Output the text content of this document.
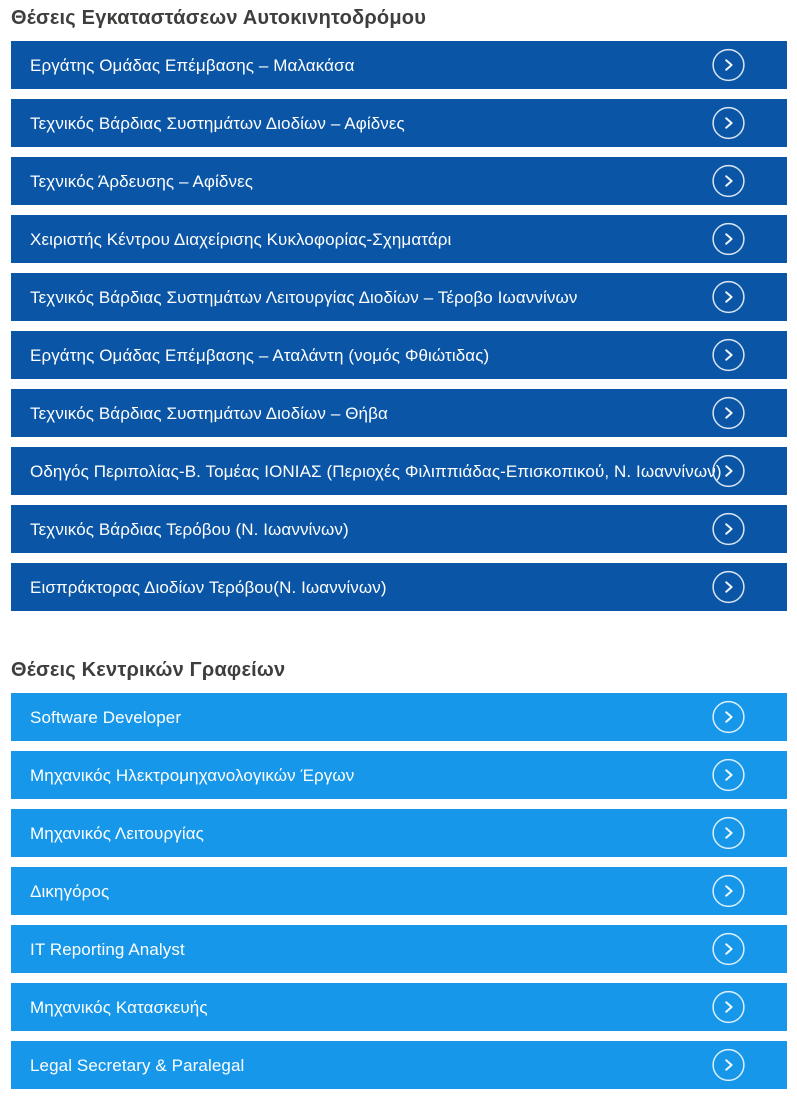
Θέσεις Εγκαταστάσεων Αυτοκινητοδρόμου
Εργάτης Ομάδας Επέμβασης – Μαλακάσα
Τεχνικός Βάρδιας Συστημάτων Διοδίων – Αφίδνες
Τεχνικός Άρδευσης – Αφίδνες
Χειριστής Κέντρου Διαχείρισης Κυκλοφορίας-Σχηματάρι
Τεχνικός Βάρδιας Συστημάτων Λειτουργίας Διοδίων – Τέροβο Ιωαννίνων
Εργάτης Ομάδας Επέμβασης – Αταλάντη (νομός Φθιώτιδας)
Τεχνικός Βάρδιας Συστημάτων Διοδίων – Θήβα
Οδηγός Περιπολίας-Β. Τομέας ΙΟΝΙΑΣ (Περιοχές Φιλιππιάδας-Επισκοπικού, Ν. Ιωαννίνων)
Τεχνικός Βάρδιας Τερόβου (Ν. Ιωαννίνων)
Εισπράκτορας Διοδίων Τερόβου(Ν. Ιωαννίνων)
Θέσεις Κεντρικών Γραφείων
Software Developer
Μηχανικός Ηλεκτρομηχανολογικών Έργων
Μηχανικός Λειτουργίας
Δικηγόρος
IT Reporting Analyst
Μηχανικός Κατασκευής
Legal Secretary & Paralegal
